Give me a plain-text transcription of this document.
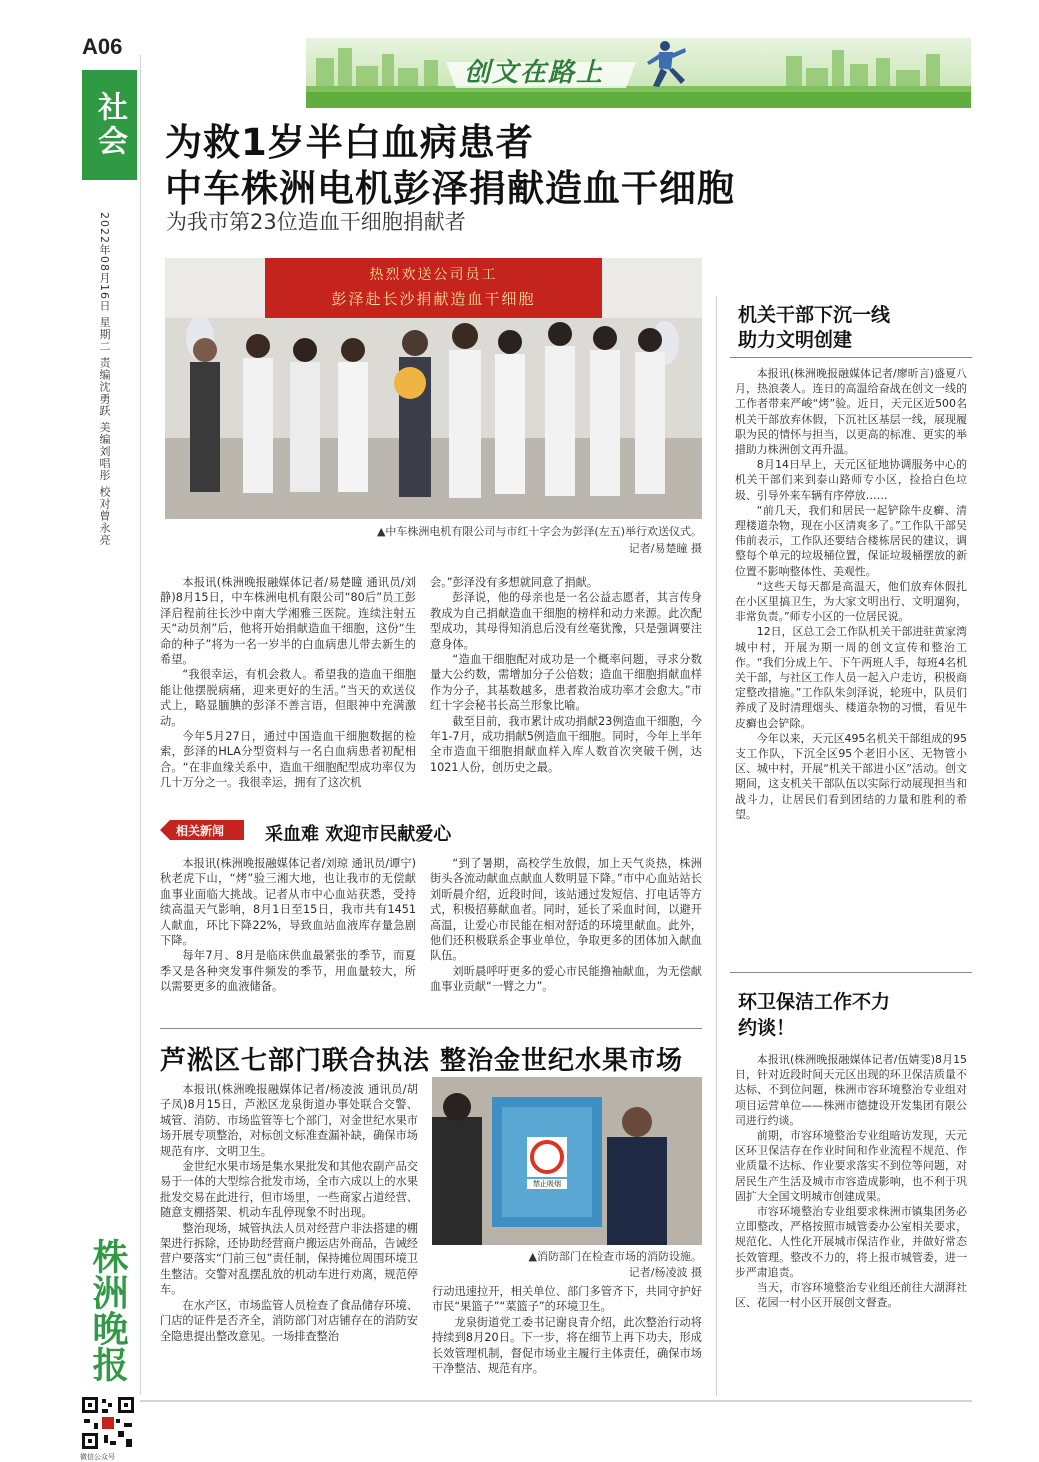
A06
创文在路上
社会
2022年08月16日 星期二 责编沈勇跃 美编刘唱彤 校对曾永亮
为救1岁半白血病患者
中车株洲电机彭泽捐献造血干细胞
为我市第23位造血干细胞捐献者
热烈欢送公司员工
彭泽赴长沙捐献造血干细胞
▲中车株洲电机有限公司与市红十字会为彭泽(左五)举行欢送仪式。
记者/易楚瞳 摄

本报讯(株洲晚报融媒体记者/易楚瞳 通讯员/刘静)8月15日，中车株洲电机有限公司“80后”员工彭泽启程前往长沙中南大学湘雅三医院。连续注射五天“动员剂”后，他将开始捐献造血干细胞，这份“生命的种子”将为一名一岁半的白血病患儿带去新生的希望。

“我很幸运，有机会救人。希望我的造血干细胞能让他摆脱病痛，迎来更好的生活。”当天的欢送仪式上，略显腼腆的彭泽不善言语，但眼神中充满激动。

今年5月27日，通过中国造血干细胞数据的检索，彭泽的HLA分型资料与一名白血病患者初配相合。“在非血缘关系中，造血干细胞配型成功率仅为几十万分之一。我很幸运，拥有了这次机

会。”彭泽没有多想就同意了捐献。

彭泽说，他的母亲也是一名公益志愿者，其言传身教成为自己捐献造血干细胞的榜样和动力来源。此次配型成功，其母得知消息后没有丝毫犹豫，只是强调要注意身体。

“造血干细胞配对成功是一个概率问题，寻求分数量大公约数，需增加分子公倍数；造血干细胞捐献血样作为分子，其基数越多，患者救治成功率才会愈大。”市红十字会秘书长高兰形象比喻。

截至目前，我市累计成功捐献23例造血干细胞，今年1-7月，成功捐献5例造血干细胞。同时，今年上半年全市造血干细胞捐献血样入库人数首次突破千例，达1021人份，创历史之最。

相关新闻 采血难 欢迎市民献爱心

本报讯(株洲晚报融媒体记者/刘琼 通讯员/谭宁)秋老虎下山，“烤”验三湘大地，也让我市的无偿献血事业面临大挑战。记者从市中心血站获悉，受持续高温天气影响，8月1日至15日，我市共有1451人献血，环比下降22%，导致血站血液库存量急剧下降。

每年7月、8月是临床供血最紧张的季节，而夏季又是各种突发事件频发的季节，用血量较大，所以需要更多的血液储备。

“到了暑期，高校学生放假，加上天气炎热，株洲街头各流动献血点献血人数明显下降。”市中心血站站长刘昕晨介绍，近段时间，该站通过发短信、打电话等方式，积极招募献血者。同时，延长了采血时间，以避开高温，让爱心市民能在相对舒适的环境里献血。此外，他们还积极联系企事业单位，争取更多的团体加入献血队伍。

刘昕晨呼吁更多的爱心市民能撸袖献血，为无偿献血事业贡献“一臂之力”。

芦淞区七部门联合执法 整治金世纪水果市场

本报讯(株洲晚报融媒体记者/杨凌波 通讯员/胡子凤)8月15日，芦淞区龙泉街道办事处联合交警、城管、消防、市场监管等七个部门，对金世纪水果市场开展专项整治，对标创文标准查漏补缺，确保市场规范有序、文明卫生。

金世纪水果市场是集水果批发和其他农副产品交易于一体的大型综合批发市场，全市六成以上的水果批发交易在此进行，但市场里，一些商家占道经营、随意支棚搭架、机动车乱停现象不时出现。

整治现场，城管执法人员对经营户非法搭建的棚架进行拆除，还协助经营商户搬运店外商品，告诫经营户要落实“门前三包”责任制，保持摊位周围环境卫生整洁。交警对乱摆乱放的机动车进行劝离，规范停车。

在水产区，市场监管人员检查了食品储存环境、门店的证件是否齐全，消防部门对店铺存在的消防安全隐患提出整改意见。一场排查整治

禁止吸烟
▲消防部门在检查市场的消防设施。
记者/杨凌波 摄

行动迅速拉开，相关单位、部门多管齐下，共同守护好市民“果篮子”“菜篮子”的环境卫生。

龙泉街道党工委书记谢良青介绍，此次整治行动将持续到8月20日。下一步，将在细节上再下功夫，形成长效管理机制，督促市场业主履行主体责任，确保市场干净整洁、规范有序。

机关干部下沉一线
助力文明创建

本报讯(株洲晚报融媒体记者/廖昕言)盛夏八月，热浪袭人。连日的高温给奋战在创文一线的工作者带来严峻“烤”验。近日，天元区近500名机关干部放弃休假，下沉社区基层一线，展现履职为民的情怀与担当，以更高的标准、更实的举措助力株洲创文再升温。

8月14日早上，天元区征地协调服务中心的机关干部们来到泰山路师专小区，捡拾白色垃圾、引导外来车辆有序停放……

“前几天，我们和居民一起铲除牛皮癣、清理楼道杂物，现在小区清爽多了。”工作队干部吴伟前表示，工作队还要结合楼栋居民的建议，调整每个单元的垃圾桶位置，保证垃圾桶摆放的新位置不影响整体性、美观性。

“这些天每天都是高温天，他们放弃休假扎在小区里搞卫生，为大家文明出行、文明遛狗，非常负责。”师专小区的一位居民说。

12日，区总工会工作队机关干部进驻黄家湾城中村，开展为期一周的创文宣传和整治工作。“我们分成上午、下午两班人手，每班4名机关干部，与社区工作人员一起入户走访，积极商定整改措施。”工作队朱剑泽说，轮班中，队员们养成了及时清理烟头、楼道杂物的习惯，看见牛皮癣也会铲除。

今年以来，天元区495名机关干部组成的95支工作队，下沉全区95个老旧小区、无物管小区、城中村，开展“机关干部进小区”活动。创文期间，这支机关干部队伍以实际行动展现担当和战斗力，让居民们看到团结的力量和胜利的希望。

环卫保洁工作不力
约谈！

本报讯(株洲晚报融媒体记者/伍婧雯)8月15日，针对近段时间天元区出现的环卫保洁质量不达标、不到位问题，株洲市容环境整治专业组对项目运营单位——株洲市德捷设开发集团有限公司进行约谈。

前期，市容环境整治专业组暗访发现，天元区环卫保洁存在作业时间和作业流程不规范、作业质量不达标、作业要求落实不到位等问题，对居民生产生活及城市市容造成影响，也不利于巩固扩大全国文明城市创建成果。

市容环境整治专业组要求株洲市镇集团务必立即整改，严格按照市城管委办公室相关要求，规范化、人性化开展城市保洁作业，并做好常态长效管理。整改不力的，将上报市城管委，进一步严肃追责。

当天，市容环境整治专业组还前往大湖湃社区、花园一村小区开展创文督查。

株洲晚报
微信公众号
